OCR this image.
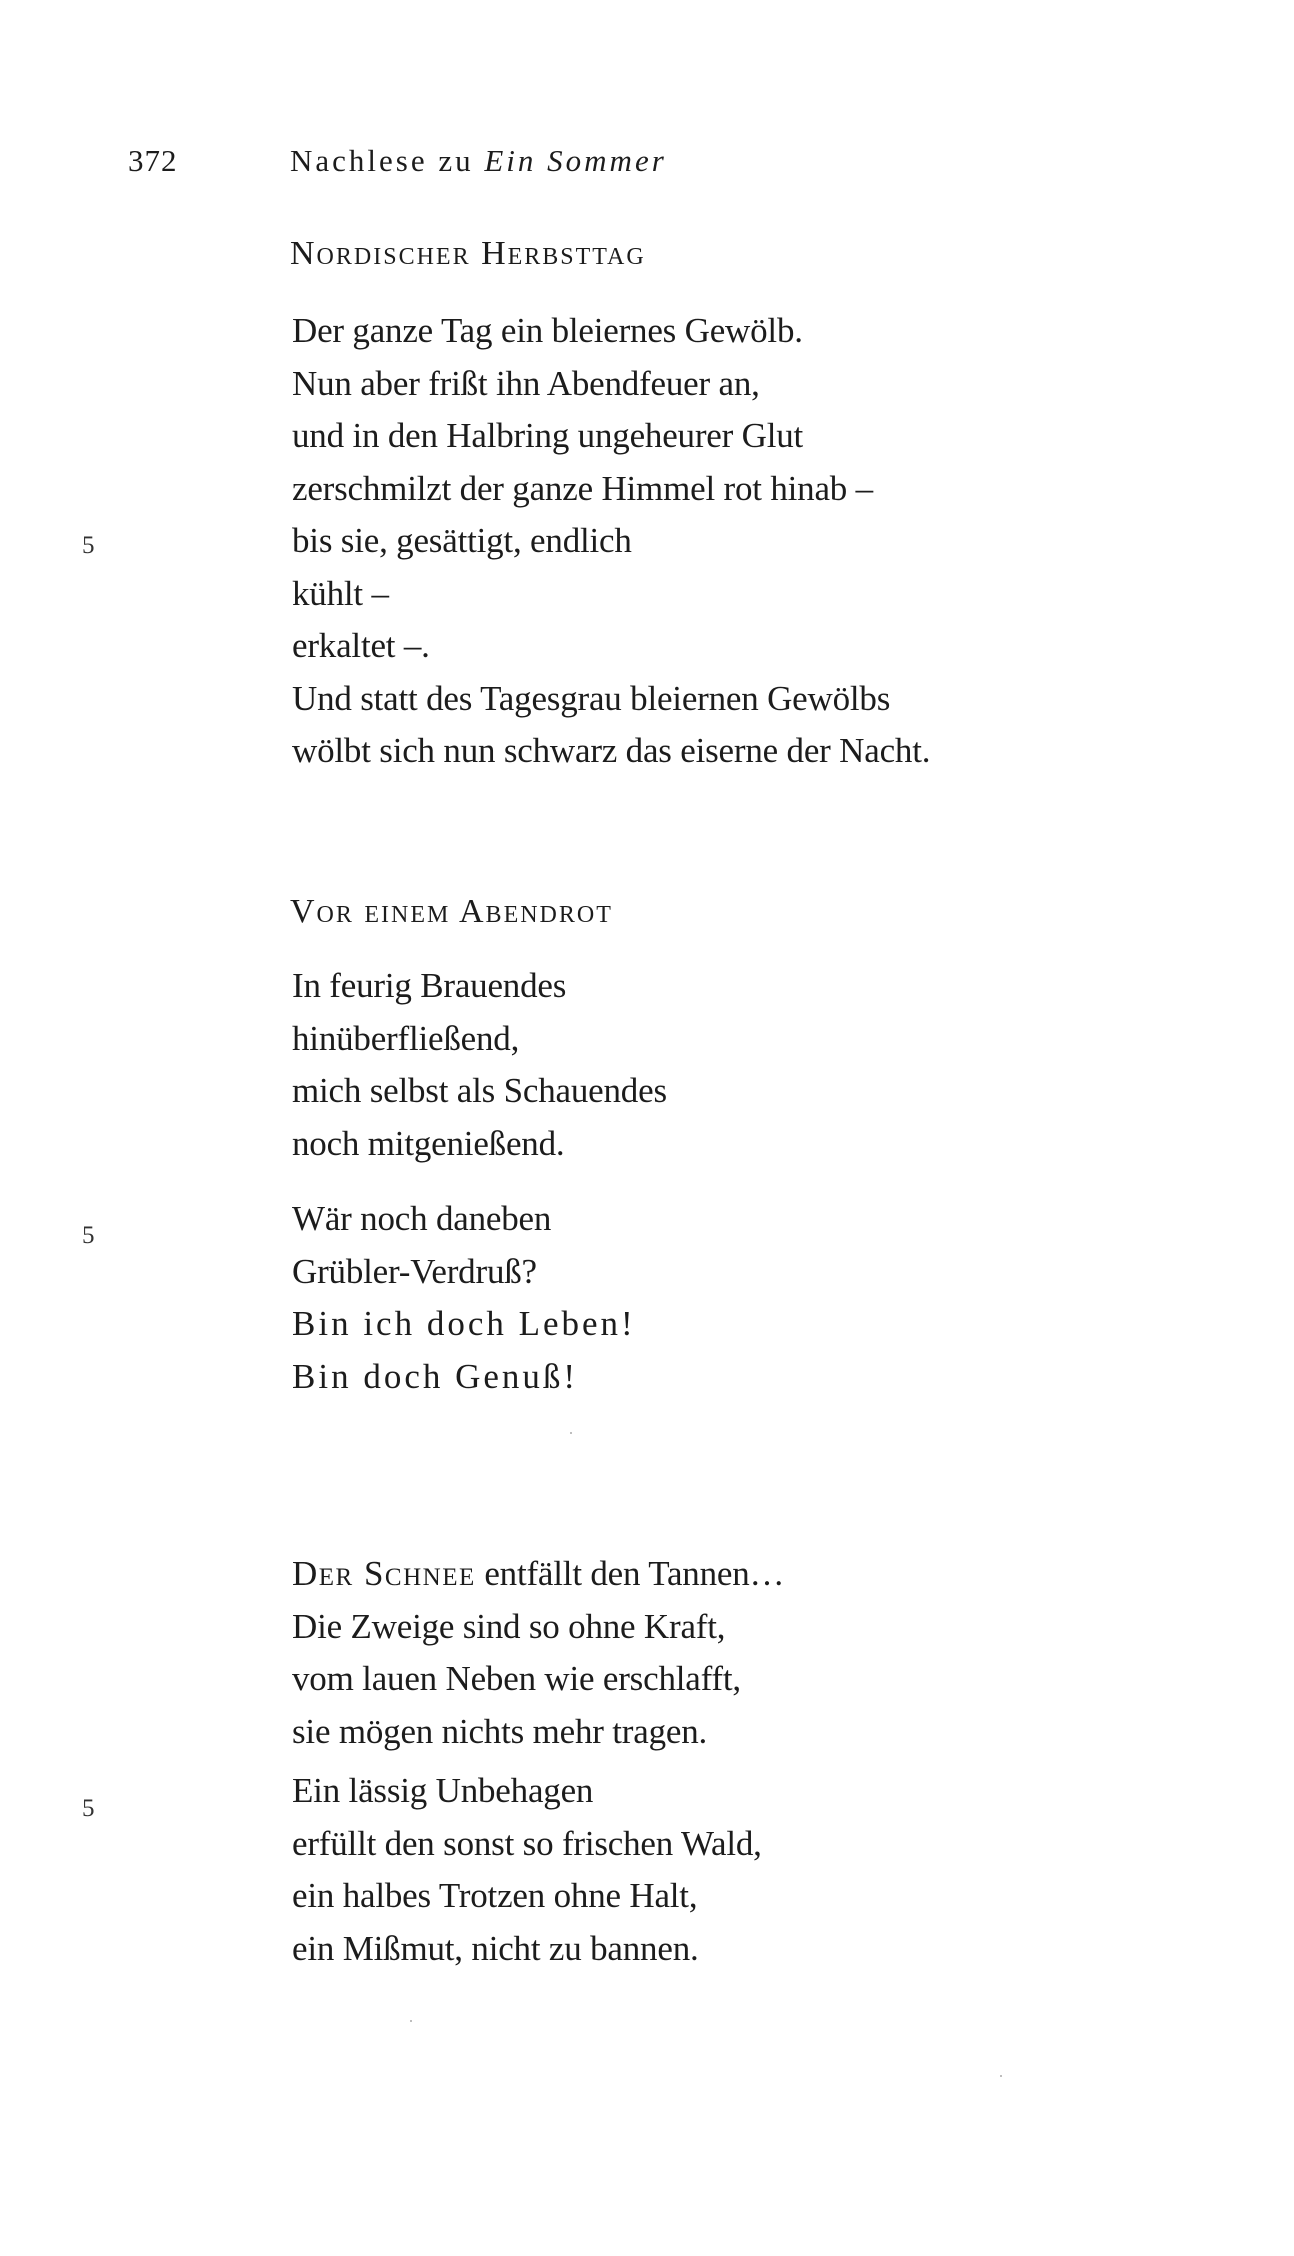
372	Nachlese zu Ein Sommer
Nordischer Herbsttag
Der ganze Tag ein bleiernes Gewölb.
Nun aber frißt ihn Abendfeuer an,
und in den Halbring ungeheurer Glut
zerschmilzt der ganze Himmel rot hinab –
bis sie, gesättigt, endlich
kühlt –
erkaltet –.
Und statt des Tagesgrau bleiernen Gewölbs
wölbt sich nun schwarz das eiserne der Nacht.
5
Vor einem Abendrot
In feurig Brauendes
hinüberfließend,
mich selbst als Schauendes
noch mitgenießend.
Wär noch daneben
Grübler-Verdruß?
Bin ich doch Leben!
Bin doch Genuß!
5
Der Schnee entfällt den Tannen…
Die Zweige sind so ohne Kraft,
vom lauen Neben wie erschlafft,
sie mögen nichts mehr tragen.
Ein lässig Unbehagen
erfüllt den sonst so frischen Wald,
ein halbes Trotzen ohne Halt,
ein Mißmut, nicht zu bannen.
5
